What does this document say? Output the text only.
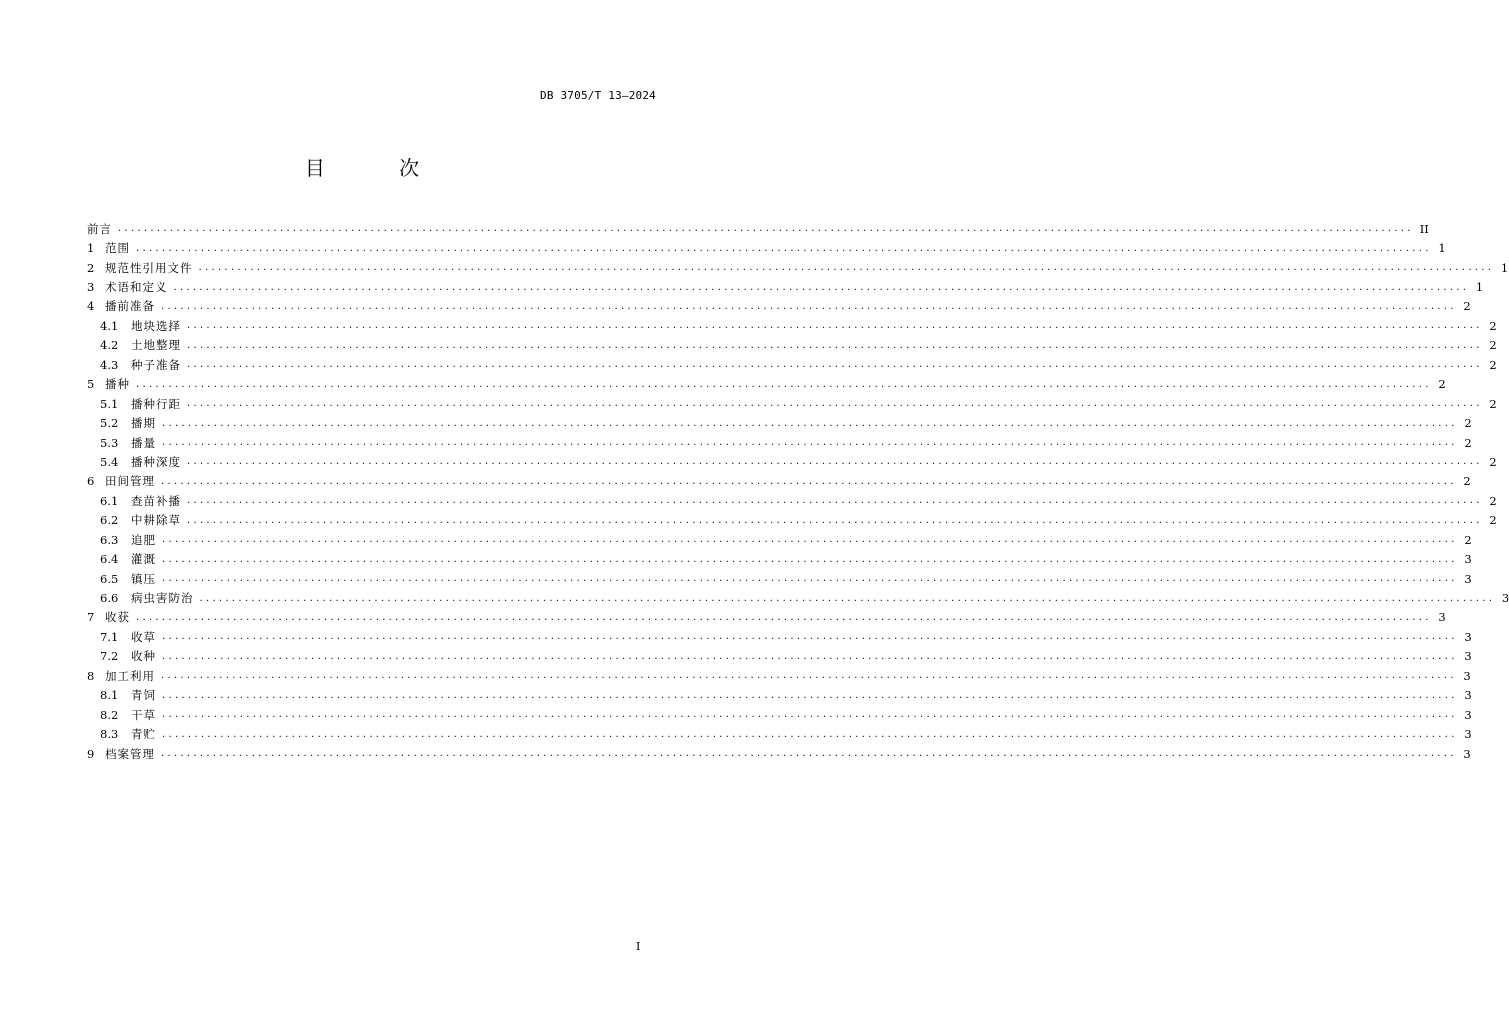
DB 3705/T 13—2024
目 次
前言 ........................................................................................................................................................................................................ II
1 范围 ........................................................................................................................................................................................................ 1
2 规范性引用文件 ........................................................................................................................................................................................................ 1
3 术语和定义 ........................................................................................................................................................................................................ 1
4 播前准备 ........................................................................................................................................................................................................ 2
4.1	地块选择 ........................................................................................................................................................................................................ 2
4.2	土地整理 ........................................................................................................................................................................................................ 2
4.3	种子准备 ........................................................................................................................................................................................................ 2
5 播种 ........................................................................................................................................................................................................ 2
5.1	播种行距 ........................................................................................................................................................................................................ 2
5.2	播期 ........................................................................................................................................................................................................ 2
5.3	播量 ........................................................................................................................................................................................................ 2
5.4	播种深度 ........................................................................................................................................................................................................ 2
6 田间管理 ........................................................................................................................................................................................................ 2
6.1	查苗补播 ........................................................................................................................................................................................................ 2
6.2	中耕除草 ........................................................................................................................................................................................................ 2
6.3	追肥 ........................................................................................................................................................................................................ 2
6.4	灌溉 ........................................................................................................................................................................................................ 3
6.5	镇压 ........................................................................................................................................................................................................ 3
6.6	病虫害防治 ........................................................................................................................................................................................................ 3
7 收获 ........................................................................................................................................................................................................ 3
7.1	收草 ........................................................................................................................................................................................................ 3
7.2	收种 ........................................................................................................................................................................................................ 3
8 加工利用 ........................................................................................................................................................................................................ 3
8.1	青饲 ........................................................................................................................................................................................................ 3
8.2	干草 ........................................................................................................................................................................................................ 3
8.3	青贮 ........................................................................................................................................................................................................ 3
9 档案管理 ........................................................................................................................................................................................................ 3
I
